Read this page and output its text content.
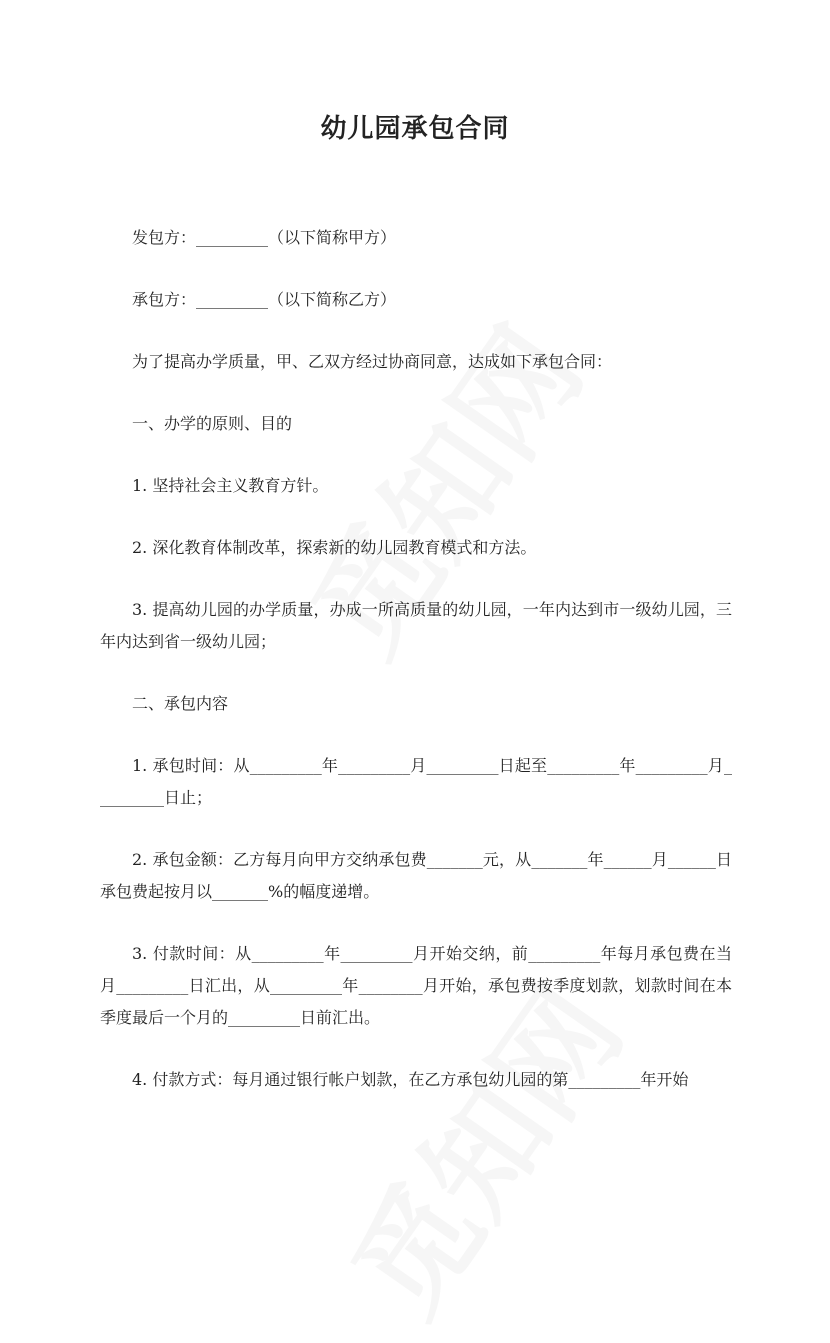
幼儿园承包合同

发包方：_________（以下简称甲方）

承包方：_________（以下简称乙方）

为了提高办学质量，甲、乙双方经过协商同意，达成如下承包合同：

一、办学的原则、目的

1. 坚持社会主义教育方针。

2. 深化教育体制改革，探索新的幼儿园教育模式和方法。

3. 提高幼儿园的办学质量，办成一所高质量的幼儿园，一年内达到市一级幼儿园，三年内达到省一级幼儿园；

二、承包内容

1. 承包时间：从_________年_________月_________日起至_________年_________月_________日止；

2. 承包金额：乙方每月向甲方交纳承包费_______元，从_______年______月______日承包费起按月以_______%的幅度递增。

3. 付款时间：从_________年_________月开始交纳，前_________年每月承包费在当月_________日汇出，从_________年________月开始，承包费按季度划款，划款时间在本季度最后一个月的_________日前汇出。

4. 付款方式：每月通过银行帐户划款，在乙方承包幼儿园的第_________年开始
